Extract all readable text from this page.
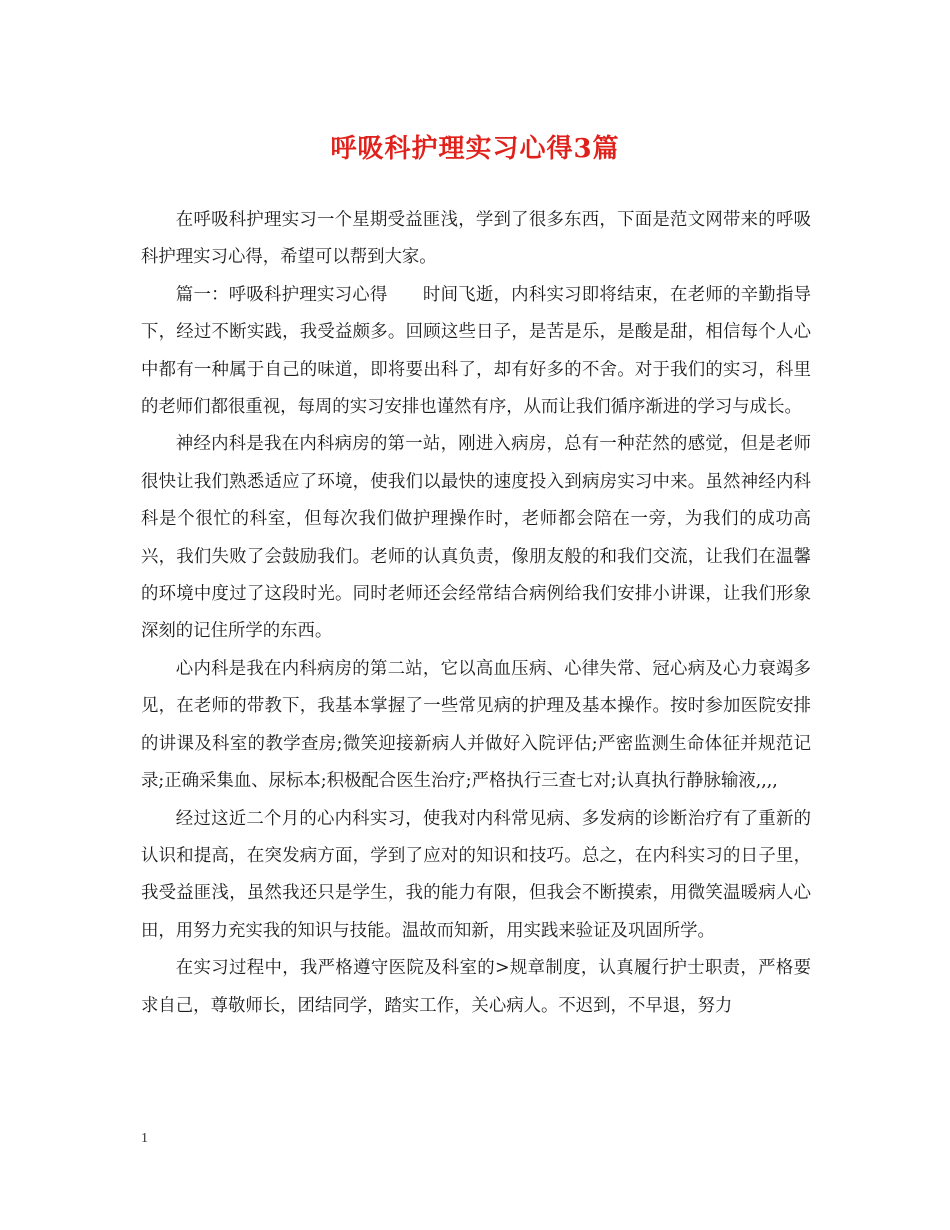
呼吸科护理实习心得3篇

在呼吸科护理实习一个星期受益匪浅，学到了很多东西，下面是范文网带来的呼吸科护理实习心得，希望可以帮到大家。

篇一：呼吸科护理实习心得　　时间飞逝，内科实习即将结束，在老师的辛勤指导下，经过不断实践，我受益颇多。回顾这些日子，是苦是乐，是酸是甜，相信每个人心中都有一种属于自己的味道，即将要出科了，却有好多的不舍。对于我们的实习，科里的老师们都很重视，每周的实习安排也谨然有序，从而让我们循序渐进的学习与成长。

神经内科是我在内科病房的第一站，刚进入病房，总有一种茫然的感觉，但是老师很快让我们熟悉适应了环境，使我们以最快的速度投入到病房实习中来。虽然神经内科科是个很忙的科室，但每次我们做护理操作时，老师都会陪在一旁，为我们的成功高兴，我们失败了会鼓励我们。老师的认真负责，像朋友般的和我们交流，让我们在温馨的环境中度过了这段时光。同时老师还会经常结合病例给我们安排小讲课，让我们形象深刻的记住所学的东西。

心内科是我在内科病房的第二站，它以高血压病、心律失常、冠心病及心力衰竭多见，在老师的带教下，我基本掌握了一些常见病的护理及基本操作。按时参加医院安排的讲课及科室的教学查房;微笑迎接新病人并做好入院评估;严密监测生命体征并规范记录;正确采集血、尿标本;积极配合医生治疗;严格执行三查七对;认真执行静脉输液,,,,

经过这近二个月的心内科实习，使我对内科常见病、多发病的诊断治疗有了重新的认识和提高，在突发病方面，学到了应对的知识和技巧。总之，在内科实习的日子里，我受益匪浅，虽然我还只是学生，我的能力有限，但我会不断摸索，用微笑温暖病人心田，用努力充实我的知识与技能。温故而知新，用实践来验证及巩固所学。

在实习过程中，我严格遵守医院及科室的>规章制度，认真履行护士职责，严格要求自己，尊敬师长，团结同学，踏实工作，关心病人。不迟到，不早退，努力

1
